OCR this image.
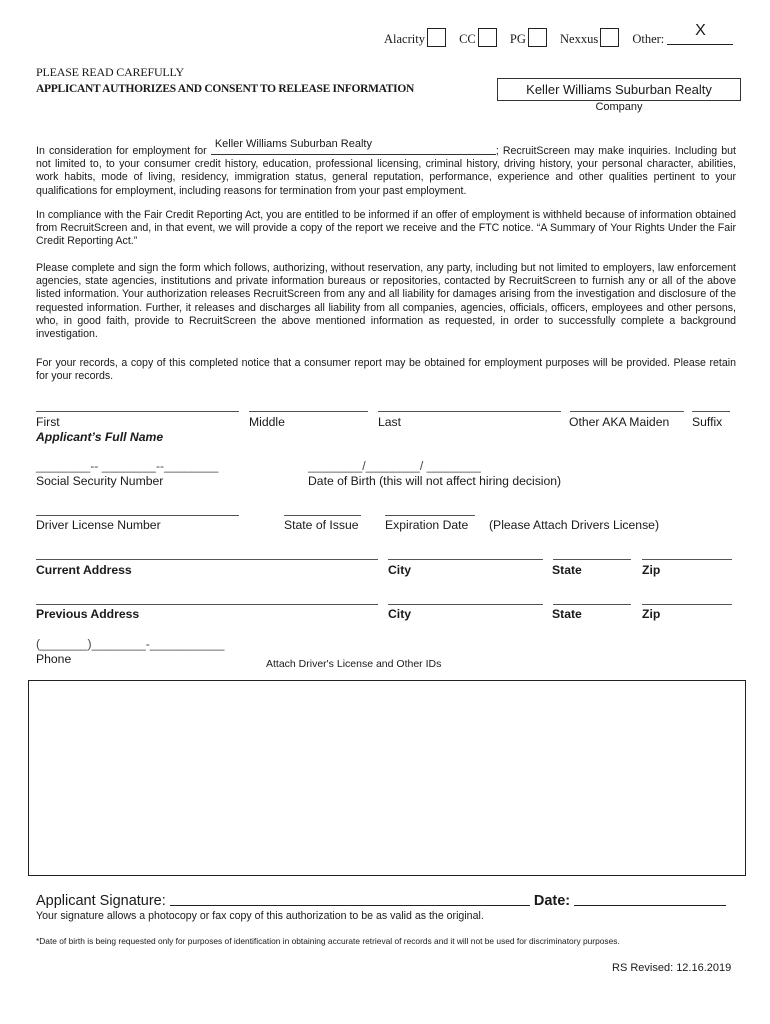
Alacrity	CC	PG	Nexxus	Other:	X
PLEASE READ CAREFULLY
APPLICANT AUTHORIZES AND CONSENT TO RELEASE INFORMATION	Keller Williams Suburban Realty
Company
In consideration for employment for
Keller Williams Suburban Realty
; RecruitScreen may make inquiries. Including but not limited to, to your consumer credit history, education, professional licensing, criminal history, driving history, your personal character, abilities, work habits, mode of living, residency, immigration status, general reputation, performance, experience and other qualities pertinent to your qualifications for employment, including reasons for termination from your past employment.
In compliance with the Fair Credit Reporting Act, you are entitled to be informed if an offer of employment is withheld because of information obtained from RecruitScreen and, in that event, we will provide a copy of the report we receive and the FTC notice. “A Summary of Your Rights Under the Fair Credit Reporting Act.”
Please complete and sign the form which follows, authorizing, without reservation, any party, including but not limited to employers, law enforcement agencies, state agencies, institutions and private information bureaus or repositories, contacted by RecruitScreen to furnish any or all of the above listed information. Your authorization releases RecruitScreen from any and all liability for damages arising from the investigation and disclosure of the requested information. Further, it releases and discharges all liability from all companies, agencies, officials, officers, employees and other persons, who, in good faith, provide to RecruitScreen the above mentioned information as requested, in order to successfully complete a background investigation.
For your records, a copy of this completed notice that a consumer report may be obtained for employment purposes will be provided. Please retain for your records.
First	Middle	Last	Other AKA Maiden Suffix
Applicant’s Full Name
________-- ________--________
Social Security Number
________/________/ ________
Date of Birth (this will not affect hiring decision)
Driver License Number	State of Issue Expiration Date (Please Attach Drivers License)
Current Address	City	State	Zip
Previous Address	City	State	Zip
(_______)________-___________
Phone	Attach Driver's License and Other IDs
Applicant Signature:	Date:
Your signature allows a photocopy or fax copy of this authorization to be as valid as the original.
*Date of birth is being requested only for purposes of identification in obtaining accurate retrieval of records and it will not be used for discriminatory purposes.
RS Revised: 12.16.2019
